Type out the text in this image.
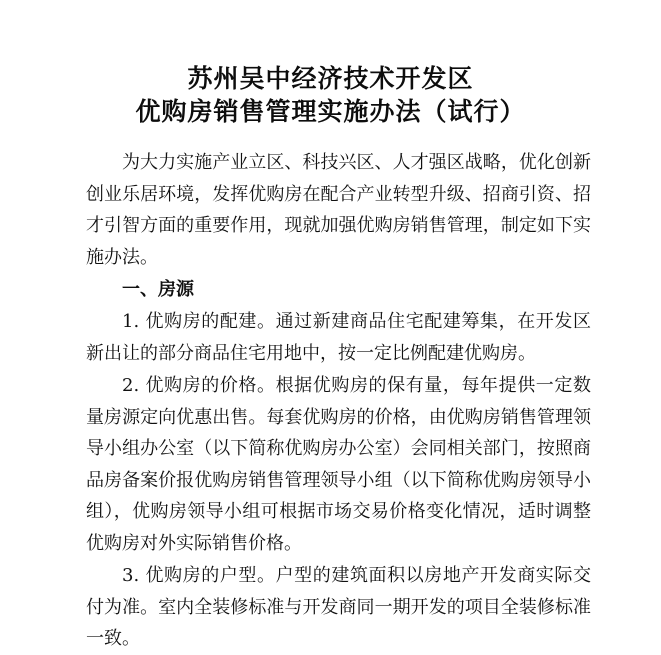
苏州吴中经济技术开发区
优购房销售管理实施办法（试行）

为大力实施产业立区、科技兴区、人才强区战略，优化创新创业乐居环境，发挥优购房在配合产业转型升级、招商引资、招才引智方面的重要作用，现就加强优购房销售管理，制定如下实施办法。

一、房源

1. 优购房的配建。通过新建商品住宅配建筹集，在开发区新出让的部分商品住宅用地中，按一定比例配建优购房。

2. 优购房的价格。根据优购房的保有量，每年提供一定数量房源定向优惠出售。每套优购房的价格，由优购房销售管理领导小组办公室（以下简称优购房办公室）会同相关部门，按照商品房备案价报优购房销售管理领导小组（以下简称优购房领导小组），优购房领导小组可根据市场交易价格变化情况，适时调整优购房对外实际销售价格。

3. 优购房的户型。户型的建筑面积以房地产开发商实际交付为准。室内全装修标准与开发商同一期开发的项目全装修标准一致。
